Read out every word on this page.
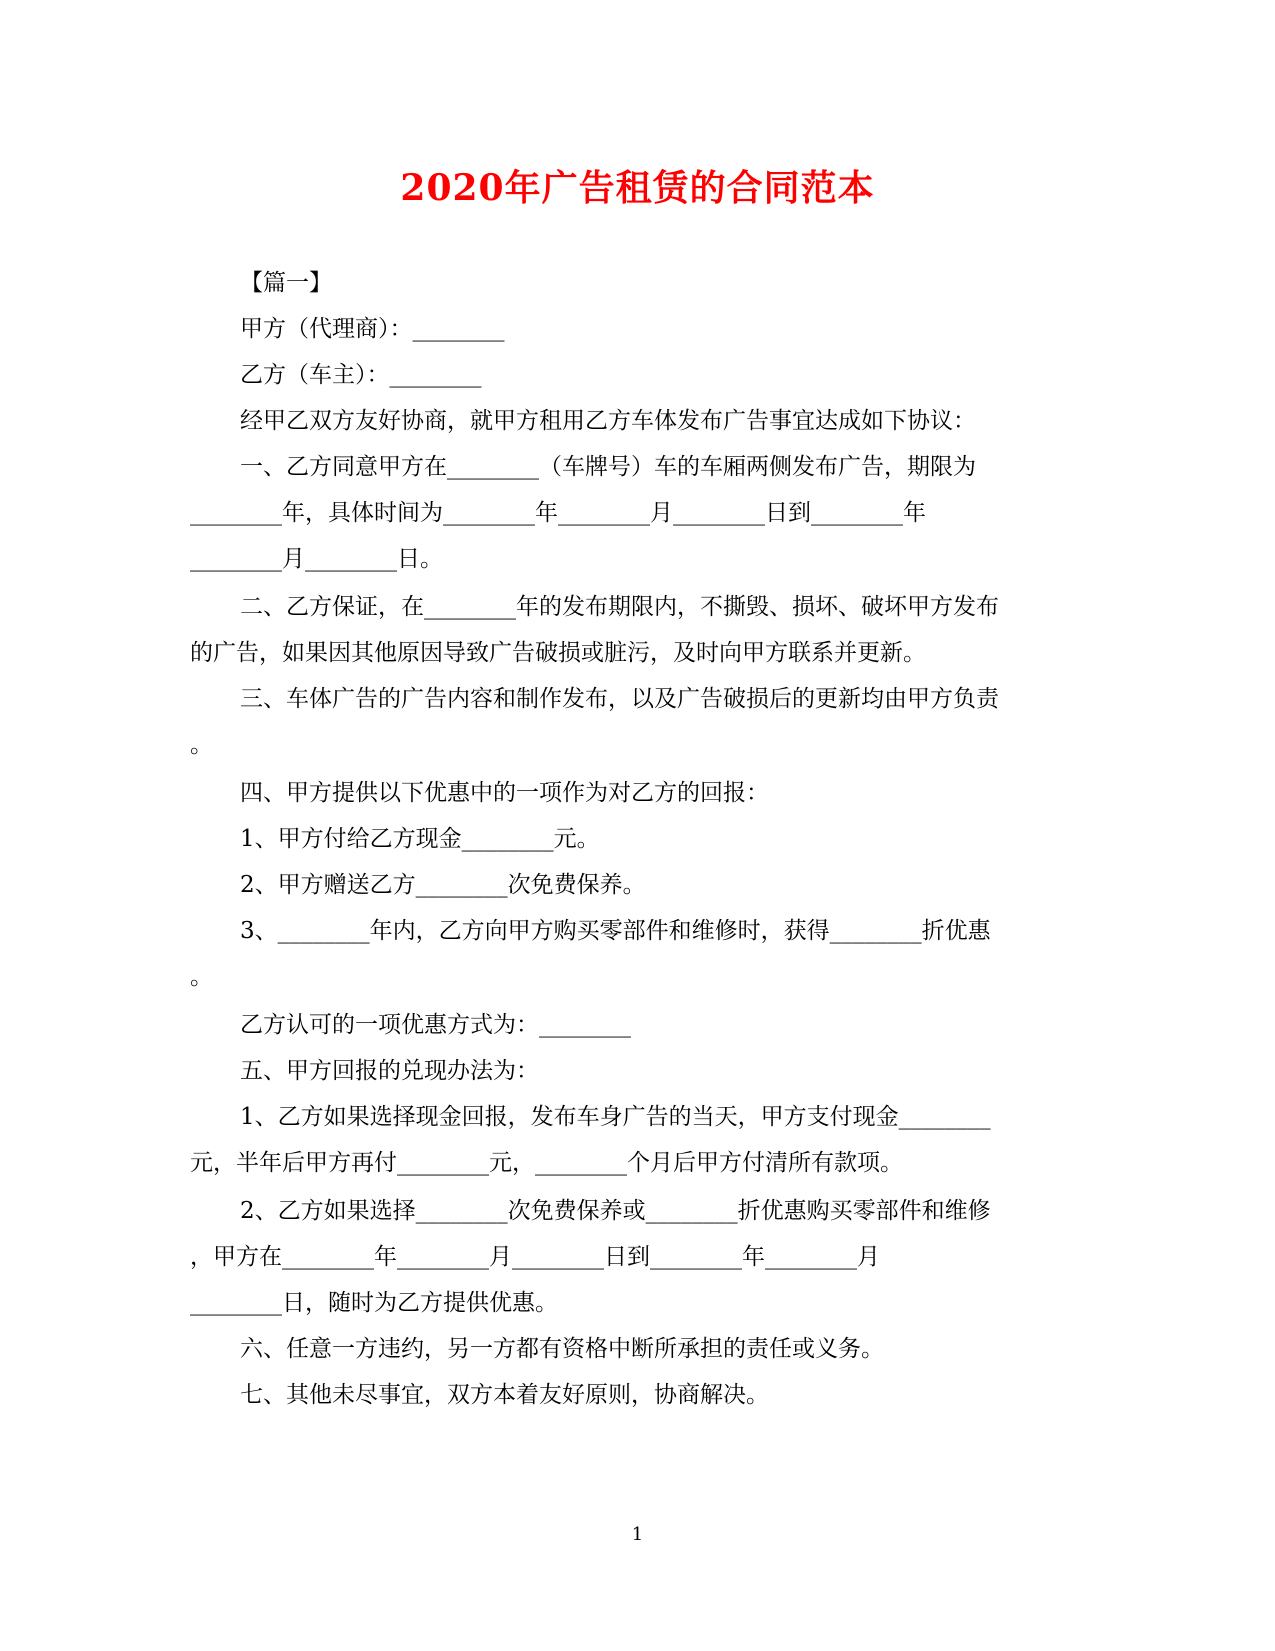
2020年广告租赁的合同范本

【篇一】

甲方（代理商）：________

乙方（车主）：________

经甲乙双方友好协商，就甲方租用乙方车体发布广告事宜达成如下协议：

一、乙方同意甲方在________（车牌号）车的车厢两侧发布广告，期限为

________年，具体时间为________年________月________日到________年

________月________日。

二、乙方保证，在________年的发布期限内，不撕毁、损坏、破坏甲方发布

的广告，如果因其他原因导致广告破损或脏污，及时向甲方联系并更新。

三、车体广告的广告内容和制作发布，以及广告破损后的更新均由甲方负责

。

四、甲方提供以下优惠中的一项作为对乙方的回报：

1、甲方付给乙方现金________元。

2、甲方赠送乙方________次免费保养。

3、________年内，乙方向甲方购买零部件和维修时，获得________折优惠

。

乙方认可的一项优惠方式为：________

五、甲方回报的兑现办法为：

1、乙方如果选择现金回报，发布车身广告的当天，甲方支付现金________

元，半年后甲方再付________元，________个月后甲方付清所有款项。

2、乙方如果选择________次免费保养或________折优惠购买零部件和维修

，甲方在________年________月________日到________年________月

________日，随时为乙方提供优惠。

六、任意一方违约，另一方都有资格中断所承担的责任或义务。

七、其他未尽事宜，双方本着友好原则，协商解决。

1
